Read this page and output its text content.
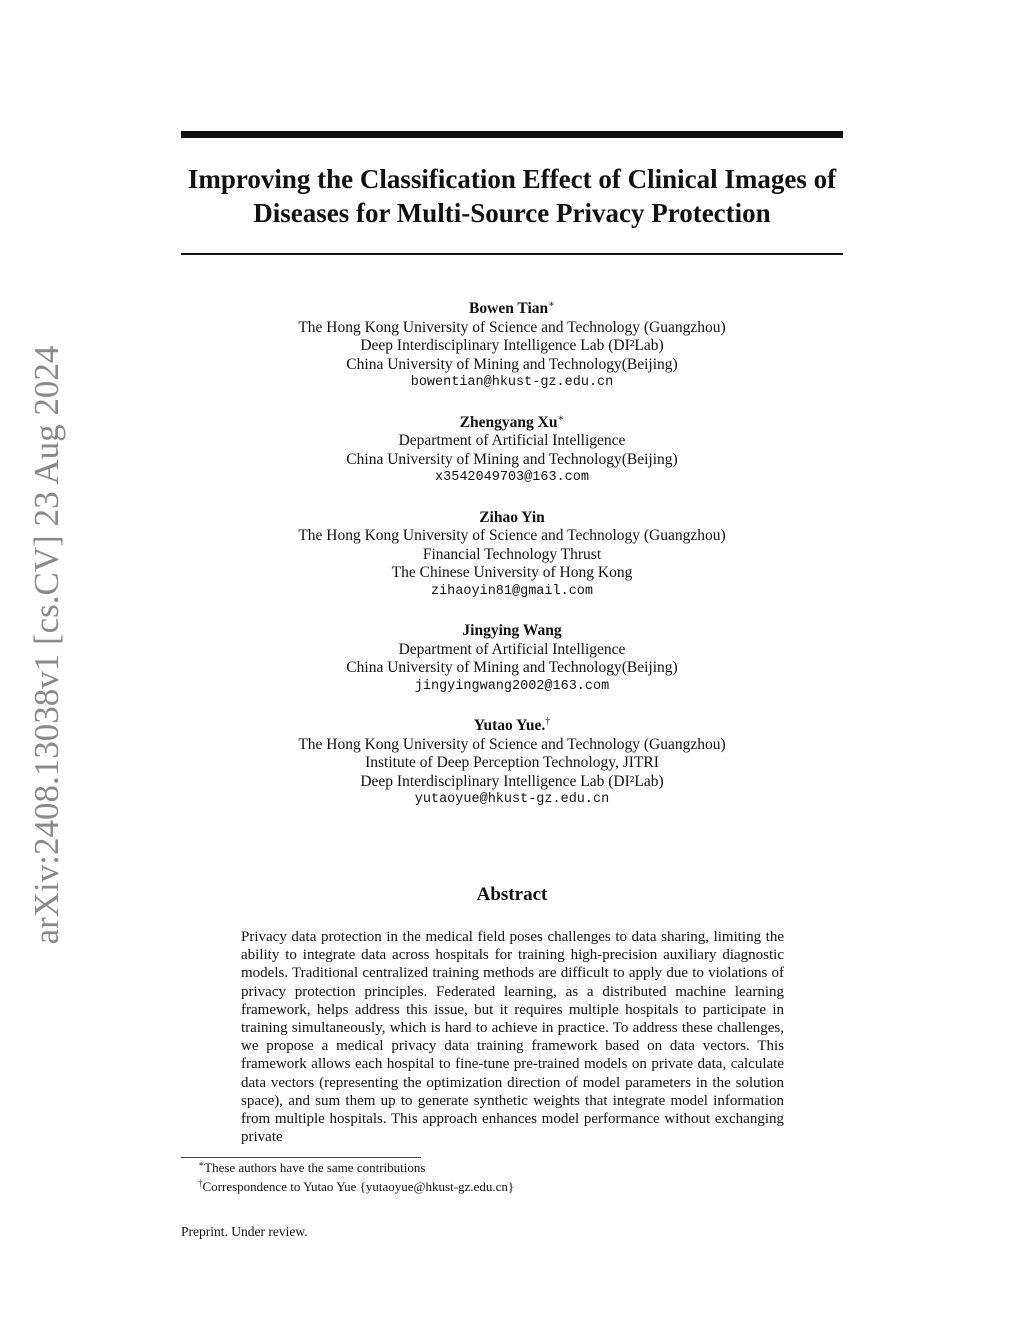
arXiv:2408.13038v1 [cs.CV] 23 Aug 2024
Improving the Classification Effect of Clinical Images of Diseases for Multi-Source Privacy Protection
Bowen Tian∗
The Hong Kong University of Science and Technology (Guangzhou)
Deep Interdisciplinary Intelligence Lab (DI²Lab)
China University of Mining and Technology(Beijing)
bowentian@hkust-gz.edu.cn
Zhengyang Xu∗
Department of Artificial Intelligence
China University of Mining and Technology(Beijing)
x3542049703@163.com
Zihao Yin
The Hong Kong University of Science and Technology (Guangzhou)
Financial Technology Thrust
The Chinese University of Hong Kong
zihaoyin81@gmail.com
Jingying Wang
Department of Artificial Intelligence
China University of Mining and Technology(Beijing)
jingyingwang2002@163.com
Yutao Yue.†
The Hong Kong University of Science and Technology (Guangzhou)
Institute of Deep Perception Technology, JITRI
Deep Interdisciplinary Intelligence Lab (DI²Lab)
yutaoyue@hkust-gz.edu.cn
Abstract

Privacy data protection in the medical field poses challenges to data sharing, limiting the ability to integrate data across hospitals for training high-precision auxiliary diagnostic models. Traditional centralized training methods are difficult to apply due to violations of privacy protection principles. Federated learning, as a distributed machine learning framework, helps address this issue, but it requires multiple hospitals to participate in training simultaneously, which is hard to achieve in practice. To address these challenges, we propose a medical privacy data training framework based on data vectors. This framework allows each hospital to fine-tune pre-trained models on private data, calculate data vectors (representing the optimization direction of model parameters in the solution space), and sum them up to generate synthetic weights that integrate model information from multiple hospitals. This approach enhances model performance without exchanging private

∗These authors have the same contributions
†Correspondence to Yutao Yue {yutaoyue@hkust-gz.edu.cn}
Preprint. Under review.
